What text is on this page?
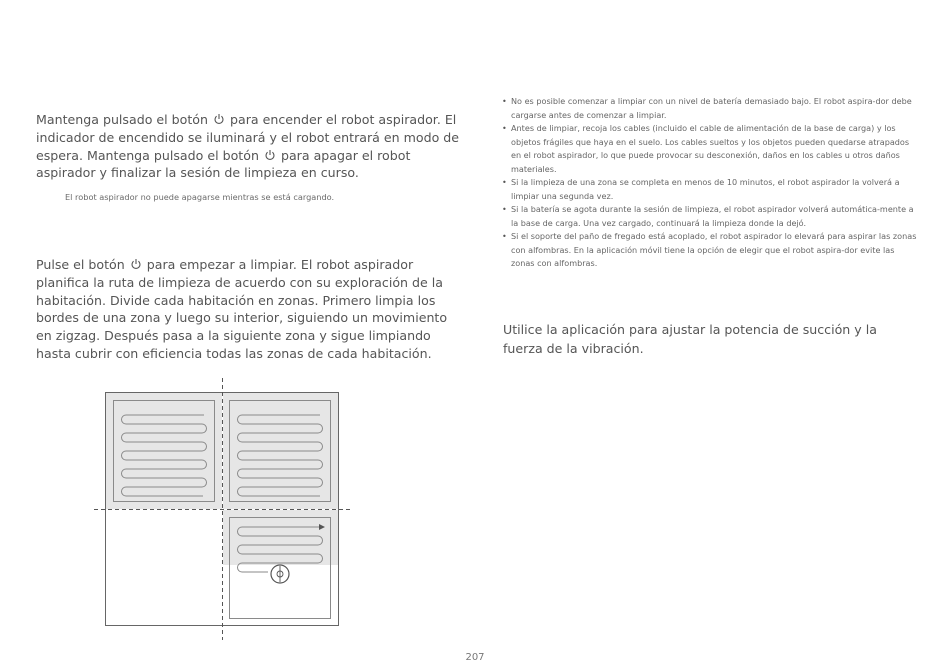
Mantenga pulsado el botón para encender el robot aspirador. El indicador de encendido se iluminará y el robot entrará en modo de espera. Mantenga pulsado el botón para apagar el robot aspirador y finalizar la sesión de limpieza en curso.

El robot aspirador no puede apagarse mientras se está cargando.

Pulse el botón para empezar a limpiar. El robot aspirador planifica la ruta de limpieza de acuerdo con su exploración de la habitación. Divide cada habitación en zonas. Primero limpia los bordes de una zona y luego su interior, siguiendo un movimiento en zigzag. Después pasa a la siguiente zona y sigue limpiando hasta cubrir con eficiencia todas las zonas de cada habitación.

• No es posible comenzar a limpiar con un nivel de batería demasiado bajo. El robot aspira-dor debe cargarse antes de comenzar a limpiar.
• Antes de limpiar, recoja los cables (incluido el cable de alimentación de la base de carga) y los objetos frágiles que haya en el suelo. Los cables sueltos y los objetos pueden quedarse atrapados en el robot aspirador, lo que puede provocar su desconexión, daños en los cables u otros daños materiales.
• Si la limpieza de una zona se completa en menos de 10 minutos, el robot aspirador la volverá a limpiar una segunda vez.
• Si la batería se agota durante la sesión de limpieza, el robot aspirador volverá automática-mente a la base de carga. Una vez cargado, continuará la limpieza donde la dejó.
• Si el soporte del paño de fregado está acoplado, el robot aspirador lo elevará para aspirar las zonas con alfombras. En la aplicación móvil tiene la opción de elegir que el robot aspira-dor evite las zonas con alfombras.

Utilice la aplicación para ajustar la potencia de succión y la fuerza de la vibración.

207
